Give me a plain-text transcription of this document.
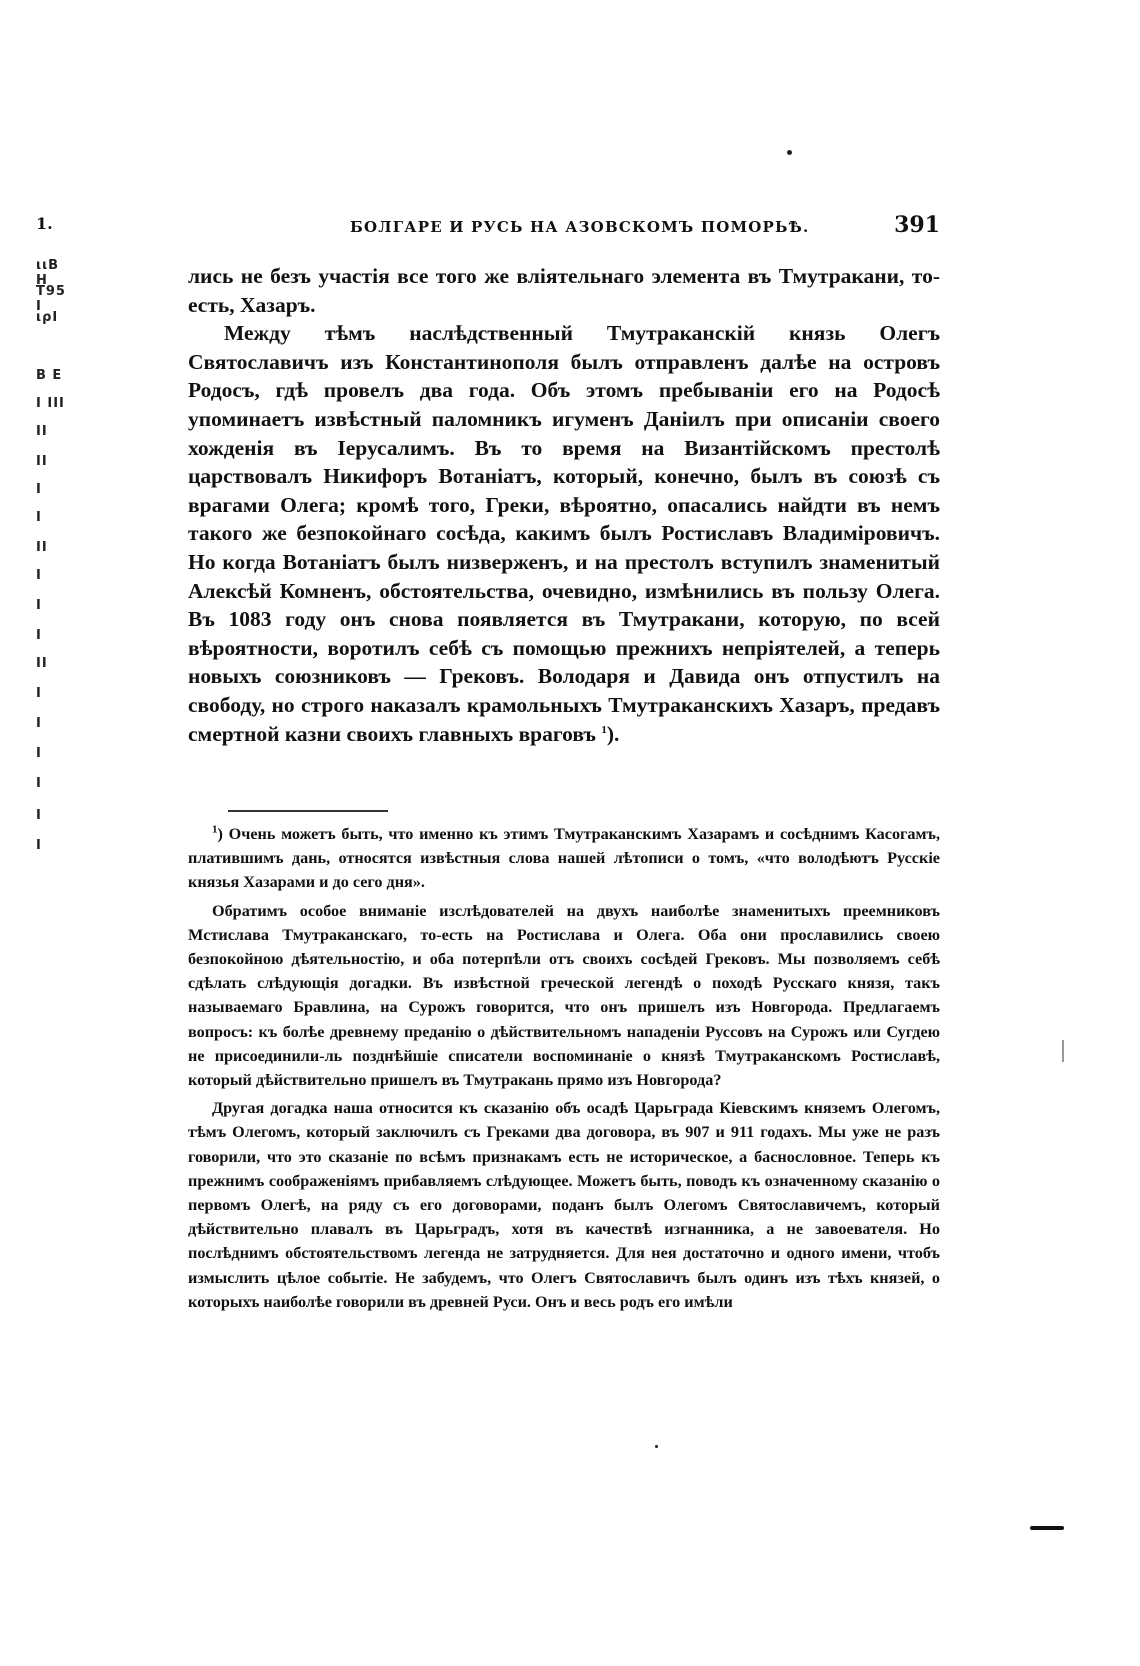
1.
ιιΒ Η
Τ95 Ι
ιρΙ
Β Ε
Ι ΙΙΙ
ΙΙ
ΙΙ
Ι
Ι
ΙΙ
Ι
Ι
Ι
ΙΙ
Ι
Ι
Ι
Ι
Ι
Ι
БОЛГАРЕ И РУСЬ НА АЗОВСКОМЪ ПОМОРЬѢ.	391

лись не безъ участія все того же вліятельнаго элемента въ Тмутракани, то-есть, Хазаръ.

Между тѣмъ наслѣдственный Тмутраканскій князь Олегъ Святославичъ изъ Константинополя былъ отправленъ далѣе на островъ Родосъ, гдѣ провелъ два года. Объ этомъ пребываніи его на Родосѣ упоминаетъ извѣстный паломникъ игуменъ Даніилъ при описаніи своего хожденія въ Іерусалимъ. Въ то время на Византійскомъ престолѣ царствовалъ Никифоръ Вотаніатъ, который, конечно, былъ въ союзѣ съ врагами Олега; кромѣ того, Греки, вѣроятно, опасались найдти въ немъ такого же безпокойнаго сосѣда, какимъ былъ Ростиславъ Владиміровичъ. Но когда Вотаніатъ былъ низверженъ, и на престолъ вступилъ знаменитый Алексѣй Комненъ, обстоятельства, очевидно, измѣнились въ пользу Олега. Въ 1083 году онъ снова появляется въ Тмутракани, которую, по всей вѣроятности, воротилъ себѣ съ помощью прежнихъ непріятелей, а теперь новыхъ союзниковъ — Грековъ. Володаря и Давида онъ отпустилъ на свободу, но строго наказалъ крамольныхъ Тмутраканскихъ Хазаръ, предавъ смертной казни своихъ главныхъ враговъ $^1$).

$^1$) Очень можетъ быть, что именно къ этимъ Тмутраканскимъ Хазарамъ и сосѣднимъ Касогамъ, платившимъ дань, относятся извѣстныя слова нашей лѣтописи о томъ, «что володѣютъ Русскіе князья Хазарами и до сего дня».

Обратимъ особое вниманіе изслѣдователей на двухъ наиболѣе знаменитыхъ преемниковъ Мстислава Тмутраканскаго, то-есть на Ростислава и Олега. Оба они прославились своею безпокойною дѣятельностію, и оба потерпѣли отъ своихъ сосѣдей Грековъ. Мы позволяемъ себѣ сдѣлать слѣдующія догадки. Въ извѣстной греческой легендѣ о походѣ Русскаго князя, такъ называемаго Бравлина, на Сурожъ говорится, что онъ пришелъ изъ Новгорода. Предлагаемъ вопросъ: къ болѣе древнему преданію о дѣйствительномъ нападеніи Руссовъ на Сурожъ или Сугдею не присоединили-ль позднѣйшіе списатели воспоминаніе о князѣ Тмутраканскомъ Ростиславѣ, который дѣйствительно пришелъ въ Тмутракань прямо изъ Новгорода?

Другая догадка наша относится къ сказанію объ осадѣ Царьграда Кіевскимъ княземъ Олегомъ, тѣмъ Олегомъ, который заключилъ съ Греками два договора, въ 907 и 911 годахъ. Мы уже не разъ говорили, что это сказаніе по всѣмъ признакамъ есть не историческое, а баснословное. Теперь къ прежнимъ соображеніямъ прибавляемъ слѣдующее. Можетъ быть, поводъ къ означенному сказанію о первомъ Олегѣ, на ряду съ его договорами, поданъ былъ Олегомъ Святославичемъ, который дѣйствительно плавалъ въ Царьградъ, хотя въ качествѣ изгнанника, а не завоевателя. Но послѣднимъ обстоятельствомъ легенда не затрудняется. Для нея достаточно и одного имени, чтобъ измыслить цѣлое событіе. Не забудемъ, что Олегъ Святославичъ былъ одинъ изъ тѣхъ князей, о которыхъ наиболѣе говорили въ древней Руси. Онъ и весь родъ его имѣли
